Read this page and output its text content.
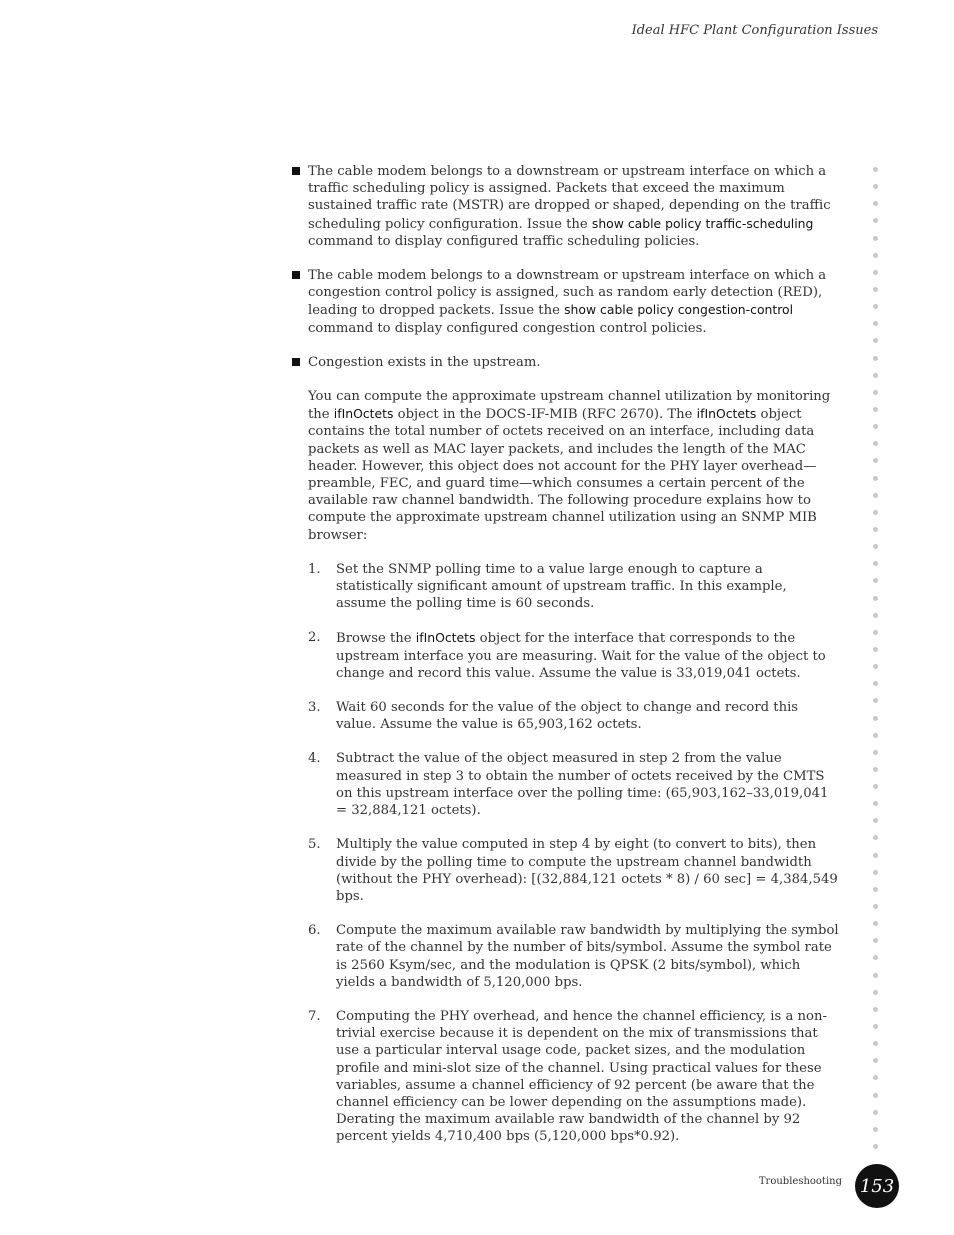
Ideal HFC Plant Configuration Issues
The cable modem belongs to a downstream or upstream interface on which a traffic scheduling policy is assigned. Packets that exceed the maximum sustained traffic rate (MSTR) are dropped or shaped, depending on the traffic scheduling policy configuration. Issue the show cable policy traffic-scheduling command to display configured traffic scheduling policies.
The cable modem belongs to a downstream or upstream interface on which a congestion control policy is assigned, such as random early detection (RED), leading to dropped packets. Issue the show cable policy congestion-control command to display configured congestion control policies.
Congestion exists in the upstream.
You can compute the approximate upstream channel utilization by monitoring the ifInOctets object in the DOCS-IF-MIB (RFC 2670). The ifInOctets object contains the total number of octets received on an interface, including data packets as well as MAC layer packets, and includes the length of the MAC header. However, this object does not account for the PHY layer overhead—preamble, FEC, and guard time—which consumes a certain percent of the available raw channel bandwidth. The following procedure explains how to compute the approximate upstream channel utilization using an SNMP MIB browser:
1. Set the SNMP polling time to a value large enough to capture a statistically significant amount of upstream traffic. In this example, assume the polling time is 60 seconds.
2. Browse the ifInOctets object for the interface that corresponds to the upstream interface you are measuring. Wait for the value of the object to change and record this value. Assume the value is 33,019,041 octets.
3. Wait 60 seconds for the value of the object to change and record this value. Assume the value is 65,903,162 octets.
4. Subtract the value of the object measured in step 2 from the value measured in step 3 to obtain the number of octets received by the CMTS on this upstream interface over the polling time: (65,903,162–33,019,041 = 32,884,121 octets).
5. Multiply the value computed in step 4 by eight (to convert to bits), then divide by the polling time to compute the upstream channel bandwidth (without the PHY overhead): [(32,884,121 octets * 8) / 60 sec] = 4,384,549 bps.
6. Compute the maximum available raw bandwidth by multiplying the symbol rate of the channel by the number of bits/symbol. Assume the symbol rate is 2560 Ksym/sec, and the modulation is QPSK (2 bits/symbol), which yields a bandwidth of 5,120,000 bps.
7. Computing the PHY overhead, and hence the channel efficiency, is a non-trivial exercise because it is dependent on the mix of transmissions that use a particular interval usage code, packet sizes, and the modulation profile and mini-slot size of the channel. Using practical values for these variables, assume a channel efficiency of 92 percent (be aware that the channel efficiency can be lower depending on the assumptions made). Derating the maximum available raw bandwidth of the channel by 92 percent yields 4,710,400 bps (5,120,000 bps*0.92).
Troubleshooting 153
